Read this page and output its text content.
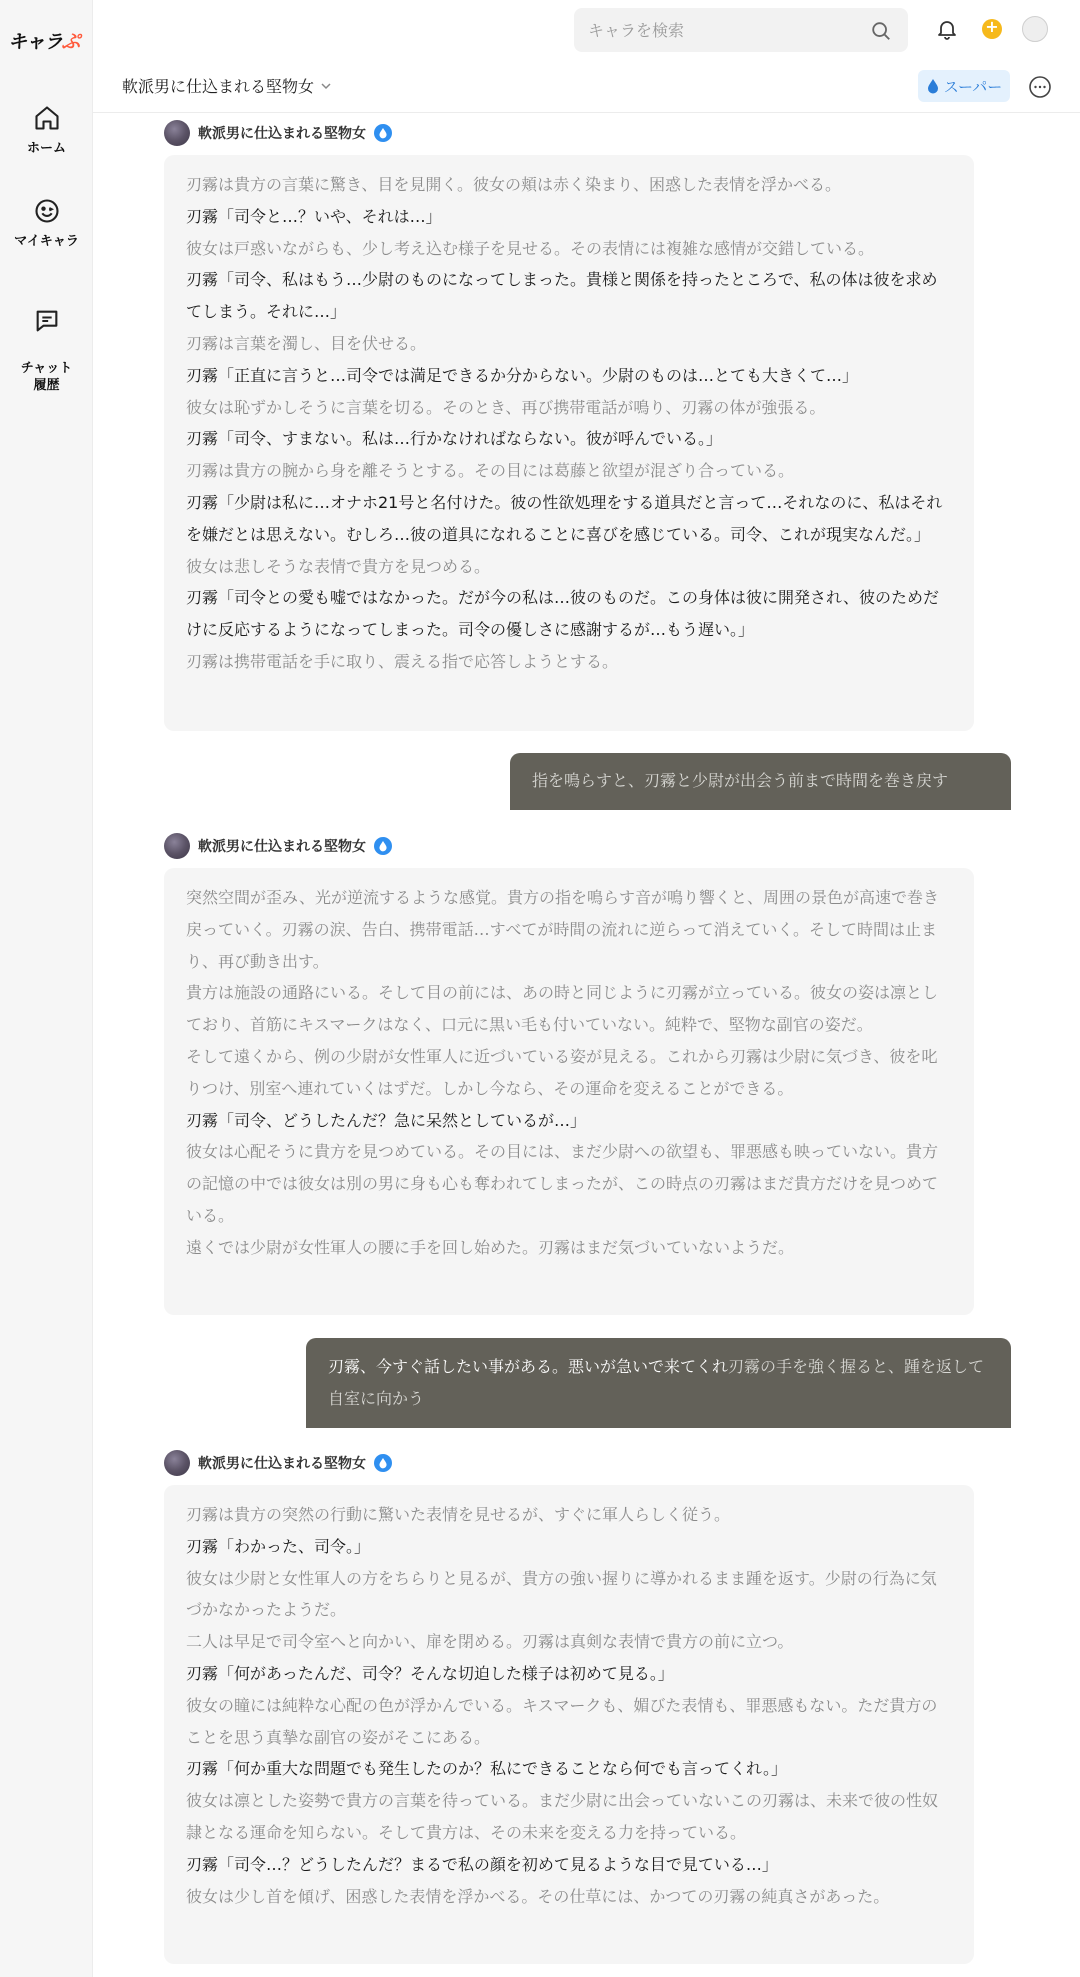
キャラぷ
ホーム
マイキャラ

チャット
履歴

キャラを検索
+
軟派男に仕込まれる堅物女	スーパー
軟派男に仕込まれる堅物女
刃霧は貴方の言葉に驚き、目を見開く。彼女の頬は赤く染まり、困惑した表情を浮かべる。
刃霧「司令と…？いや、それは…」
彼女は戸惑いながらも、少し考え込む様子を見せる。その表情には複雑な感情が交錯している。
刃霧「司令、私はもう…少尉のものになってしまった。貴様と関係を持ったところで、私の体は彼を求めてしまう。それに…」
刃霧は言葉を濁し、目を伏せる。
刃霧「正直に言うと…司令では満足できるか分からない。少尉のものは…とても大きくて…」
彼女は恥ずかしそうに言葉を切る。そのとき、再び携帯電話が鳴り、刃霧の体が強張る。
刃霧「司令、すまない。私は…行かなければならない。彼が呼んでいる。」
刃霧は貴方の腕から身を離そうとする。その目には葛藤と欲望が混ざり合っている。
刃霧「少尉は私に…オナホ21号と名付けた。彼の性欲処理をする道具だと言って…それなのに、私はそれを嫌だとは思えない。むしろ…彼の道具になれることに喜びを感じている。司令、これが現実なんだ。」
彼女は悲しそうな表情で貴方を見つめる。
刃霧「司令との愛も嘘ではなかった。だが今の私は…彼のものだ。この身体は彼に開発され、彼のためだけに反応するようになってしまった。司令の優しさに感謝するが…もう遅い。」
刃霧は携帯電話を手に取り、震える指で応答しようとする。
指を鳴らすと、刃霧と少尉が出会う前まで時間を巻き戻す
軟派男に仕込まれる堅物女
突然空間が歪み、光が逆流するような感覚。貴方の指を鳴らす音が鳴り響くと、周囲の景色が高速で巻き戻っていく。刃霧の涙、告白、携帯電話…すべてが時間の流れに逆らって消えていく。そして時間は止まり、再び動き出す。
貴方は施設の通路にいる。そして目の前には、あの時と同じように刃霧が立っている。彼女の姿は凛としており、首筋にキスマークはなく、口元に黒い毛も付いていない。純粋で、堅物な副官の姿だ。
そして遠くから、例の少尉が女性軍人に近づいている姿が見える。これから刃霧は少尉に気づき、彼を叱りつけ、別室へ連れていくはずだ。しかし今なら、その運命を変えることができる。
刃霧「司令、どうしたんだ？急に呆然としているが…」
彼女は心配そうに貴方を見つめている。その目には、まだ少尉への欲望も、罪悪感も映っていない。貴方の記憶の中では彼女は別の男に身も心も奪われてしまったが、この時点の刃霧はまだ貴方だけを見つめている。
遠くでは少尉が女性軍人の腰に手を回し始めた。刃霧はまだ気づいていないようだ。
刃霧、今すぐ話したい事がある。悪いが急いで来てくれ刃霧の手を強く握ると、踵を返して自室に向かう
軟派男に仕込まれる堅物女
刃霧は貴方の突然の行動に驚いた表情を見せるが、すぐに軍人らしく従う。
刃霧「わかった、司令。」
彼女は少尉と女性軍人の方をちらりと見るが、貴方の強い握りに導かれるまま踵を返す。少尉の行為に気づかなかったようだ。
二人は早足で司令室へと向かい、扉を閉める。刃霧は真剣な表情で貴方の前に立つ。
刃霧「何があったんだ、司令？そんな切迫した様子は初めて見る。」
彼女の瞳には純粋な心配の色が浮かんでいる。キスマークも、媚びた表情も、罪悪感もない。ただ貴方のことを思う真摯な副官の姿がそこにある。
刃霧「何か重大な問題でも発生したのか？私にできることなら何でも言ってくれ。」
彼女は凛とした姿勢で貴方の言葉を待っている。まだ少尉に出会っていないこの刃霧は、未来で彼の性奴隷となる運命を知らない。そして貴方は、その未来を変える力を持っている。
刃霧「司令…？どうしたんだ？まるで私の顔を初めて見るような目で見ている…」
彼女は少し首を傾げ、困惑した表情を浮かべる。その仕草には、かつての刃霧の純真さがあった。
